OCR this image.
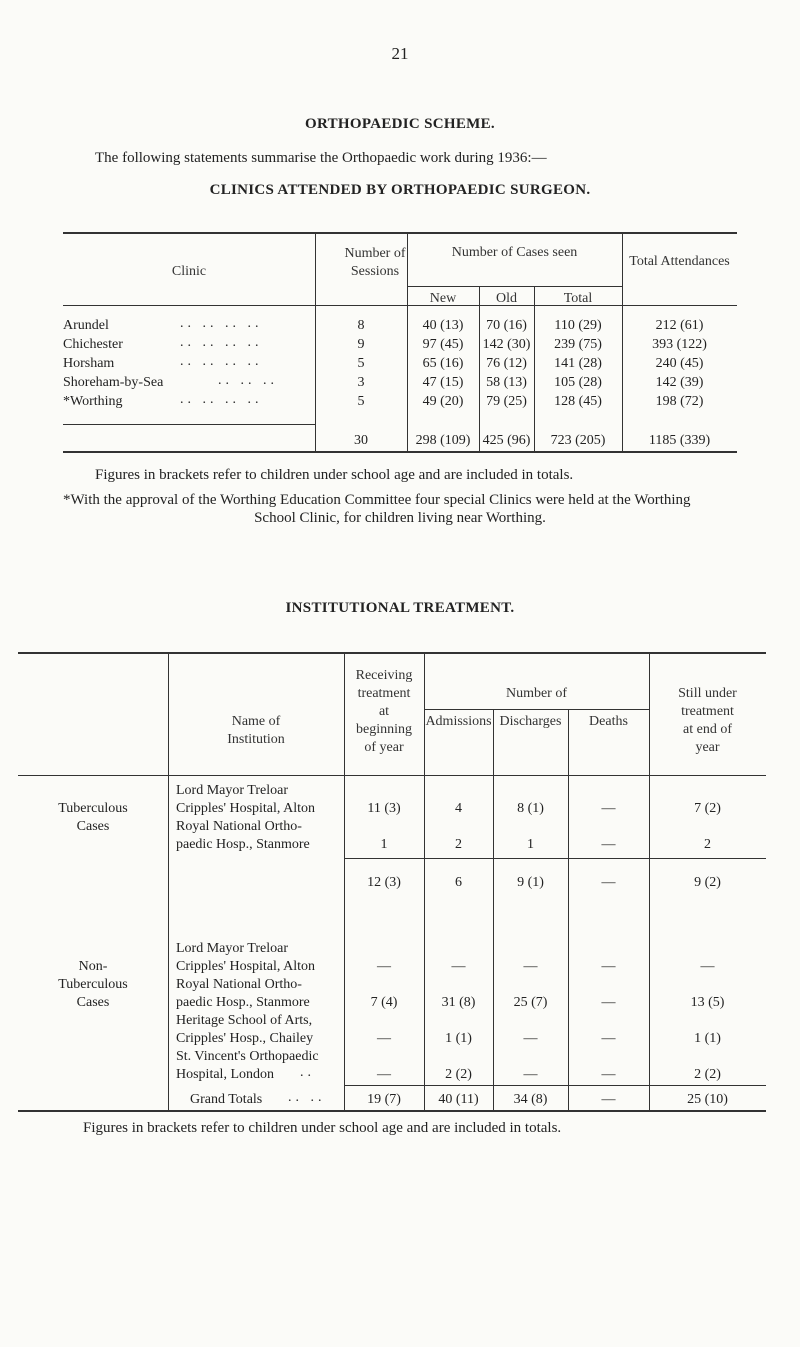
21
ORTHOPAEDIC SCHEME.
The following statements summarise the Orthopaedic work during 1936:—
CLINICS ATTENDED BY ORTHOPAEDIC SURGEON.
Clinic
Number of Sessions
Number of Cases seen
New	Old	Total
Total Attendances
Arundel	.. .. .. ..	8	40 (13)	70 (16)	110 (29)	212 (61)
Chichester	.. .. .. ..	9	97 (45)	142 (30)	239 (75)	393 (122)
Horsham	.. .. .. ..	5	65 (16)	76 (12)	141 (28)	240 (45)
Shoreham-by-Sea	.. .. ..	3	47 (15)	58 (13)	105 (28)	142 (39)
*Worthing	.. .. .. ..	5	49 (20)	79 (25)	128 (45)	198 (72)
30	298 (109) 425 (96)	723 (205)	1185 (339)
Figures in brackets refer to children under school age and are included in totals.
*With the approval of the Worthing Education Committee four special Clinics were held at the Worthing
School Clinic, for children living near Worthing.
INSTITUTIONAL TREATMENT.
Name of
Institution
Receiving
treatment
at
beginning
of year
Number of
Admissions Discharges	Deaths
Still under
treatment
at end of
year
Tuberculous
Cases
Non-
Tuberculous
Cases
Lord Mayor Treloar
Cripples' Hospital, Alton	11 (3)	4	8 (1)	—	7 (2)
Royal National Ortho-
paedic Hosp., Stanmore	1	2	1	—	2
12 (3)	6	9 (1)	—	9 (2)
Lord Mayor Treloar
Cripples' Hospital, Alton	—	—	—	—	—
Royal National Ortho-
paedic Hosp., Stanmore	7 (4)	31 (8)	25 (7)	—	13 (5)
Heritage School of Arts,
Cripples' Hosp., Chailey	—	1 (1)	—	—	1 (1)
St. Vincent's Orthopaedic
Hospital, London ..	—	2 (2)	—	—	2 (2)
Grand Totals .. ..	19 (7)	40 (11)	34 (8)	—	25 (10)
Figures in brackets refer to children under school age and are included in totals.
